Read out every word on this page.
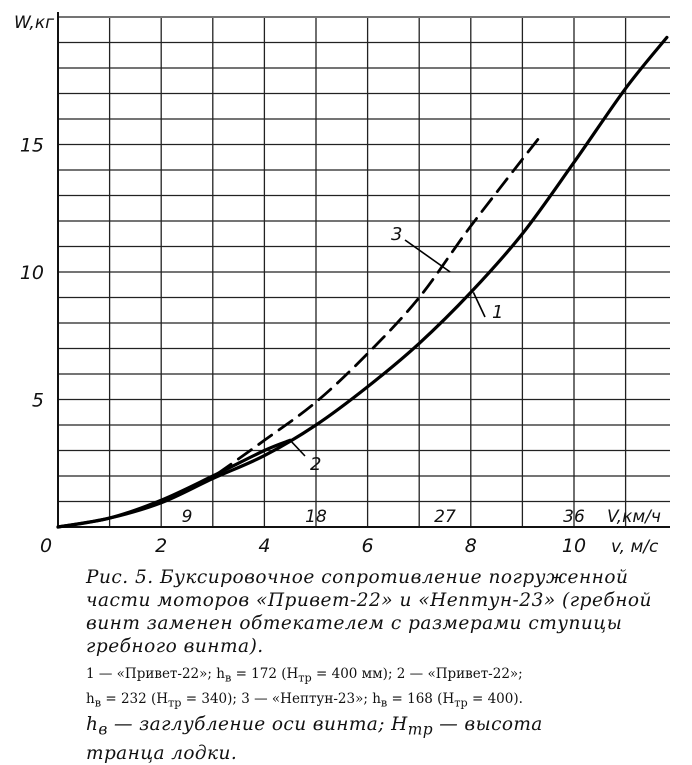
5
10
15
0	2	4	6	8	10
9	18	27	36
W,кг
v, м/с
V,км/ч
1
2
3

Рис. 5. Буксировочное сопротивление погруженной части моторов «Привет-22» и «Нептун-23» (гребной винт заменен обтекателем с размерами ступицы гребного винта).

1 — «Привет-22»; $h_в = 172$ ($H_{тр} = 400$ мм); 2 — «Привет-22»;
$h_в = 232$ $(H_{тр} = 340)$; 3 — «Нептун-23»; $h_в = 168$ $(H_{тр} = 400)$.

$h_в$ — заглубление оси винта; $H_{тр}$ — высота
транца лодки.
